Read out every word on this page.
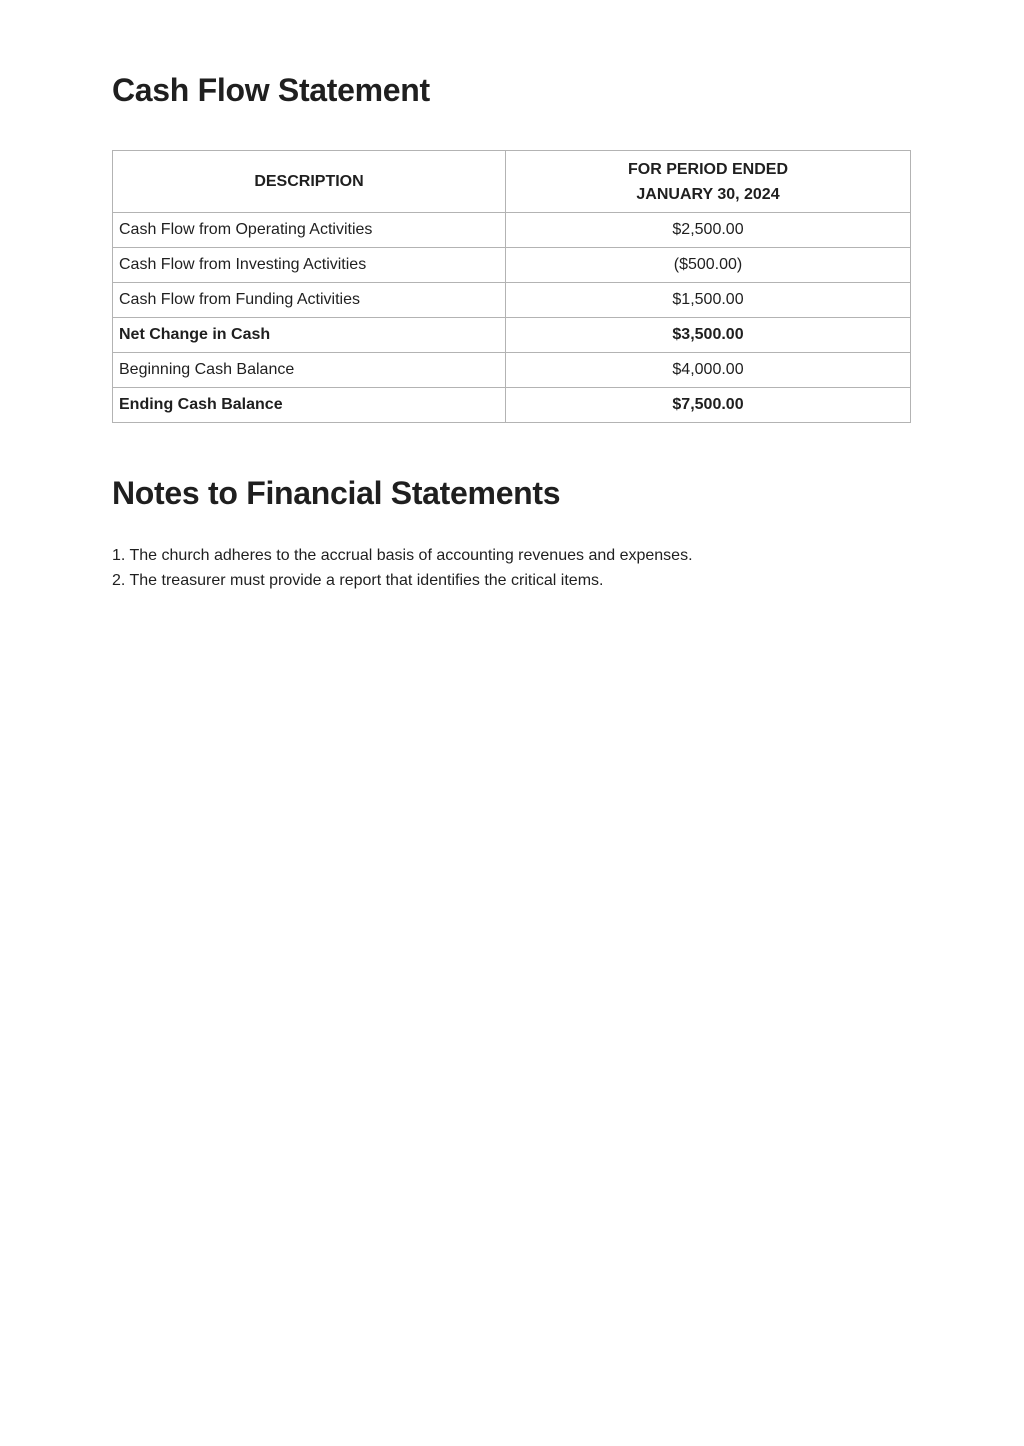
Cash Flow Statement
DESCRIPTION	FOR PERIOD ENDED
JANUARY 30, 2024
Cash Flow from Operating Activities	$2,500.00
Cash Flow from Investing Activities	($500.00)
Cash Flow from Funding Activities	$1,500.00
Net Change in Cash	$3,500.00
Beginning Cash Balance	$4,000.00
Ending Cash Balance	$7,500.00
Notes to Financial Statements
1. The church adheres to the accrual basis of accounting revenues and expenses.
2. The treasurer must provide a report that identifies the critical items.
